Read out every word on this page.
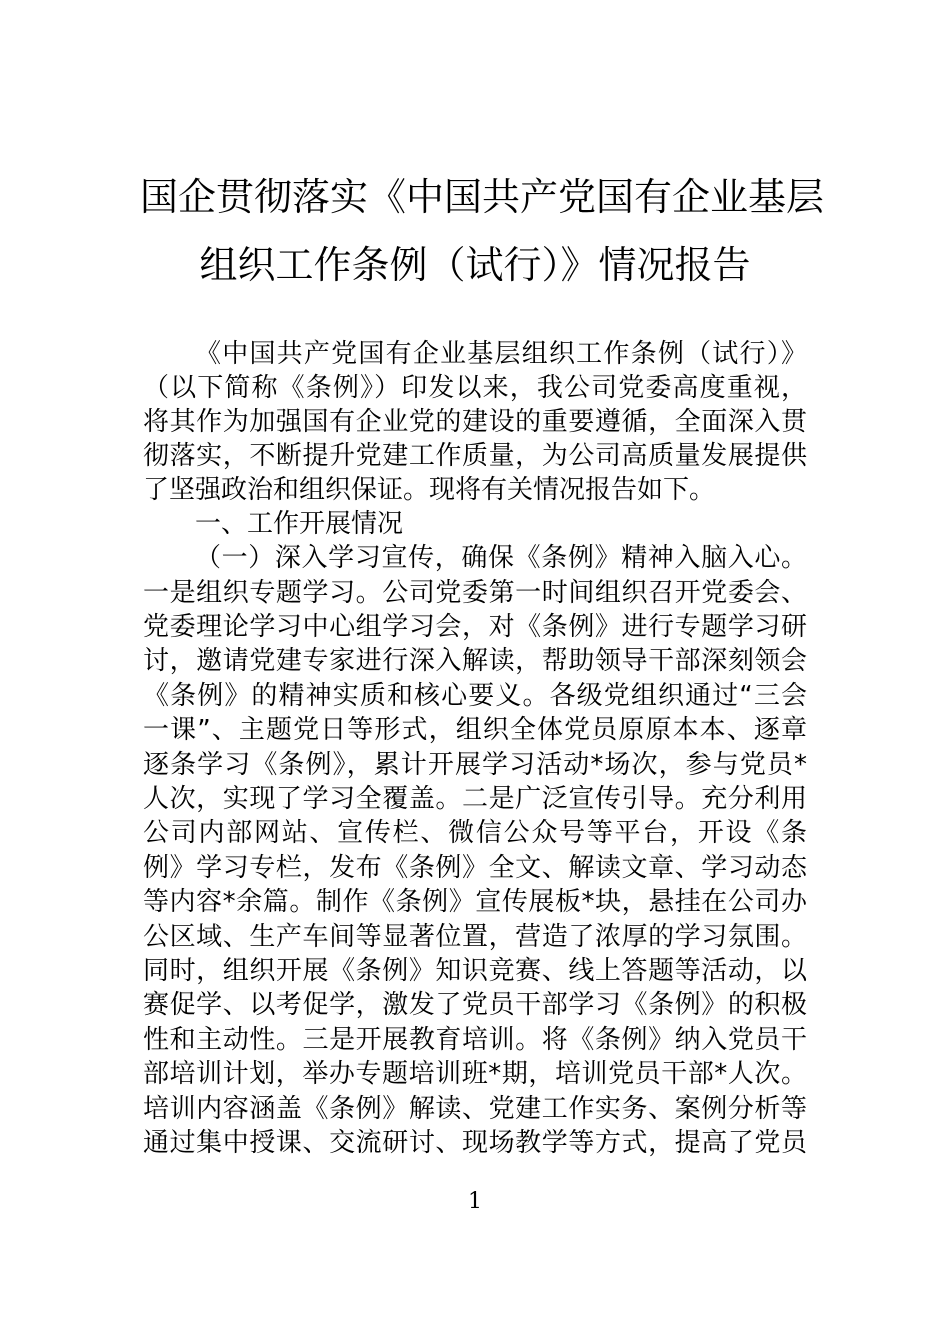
国企贯彻落实《中国共产党国有企业基层
组织工作条例（试行）》情况报告
《中国共产党国有企业基层组织工作条例（试行）》
（以下简称《条例》）印发以来，我公司党委高度重视，
将其作为加强国有企业党的建设的重要遵循，全面深入贯
彻落实，不断提升党建工作质量，为公司高质量发展提供
了坚强政治和组织保证。现将有关情况报告如下。
一、工作开展情况
（一）深入学习宣传，确保《条例》精神入脑入心。
一是组织专题学习。公司党委第一时间组织召开党委会、
党委理论学习中心组学习会，对《条例》进行专题学习研
讨，邀请党建专家进行深入解读，帮助领导干部深刻领会
《条例》的精神实质和核心要义。各级党组织通过“三会
一课”、主题党日等形式，组织全体党员原原本本、逐章
逐条学习《条例》，累计开展学习活动*场次，参与党员*
人次，实现了学习全覆盖。二是广泛宣传引导。充分利用
公司内部网站、宣传栏、微信公众号等平台，开设《条
例》学习专栏，发布《条例》全文、解读文章、学习动态
等内容*余篇。制作《条例》宣传展板*块，悬挂在公司办
公区域、生产车间等显著位置，营造了浓厚的学习氛围。
同时，组织开展《条例》知识竞赛、线上答题等活动，以
赛促学、以考促学，激发了党员干部学习《条例》的积极
性和主动性。三是开展教育培训。将《条例》纳入党员干
部培训计划，举办专题培训班*期，培训党员干部*人次。
培训内容涵盖《条例》解读、党建工作实务、案例分析等
通过集中授课、交流研讨、现场教学等方式，提高了党员
1
